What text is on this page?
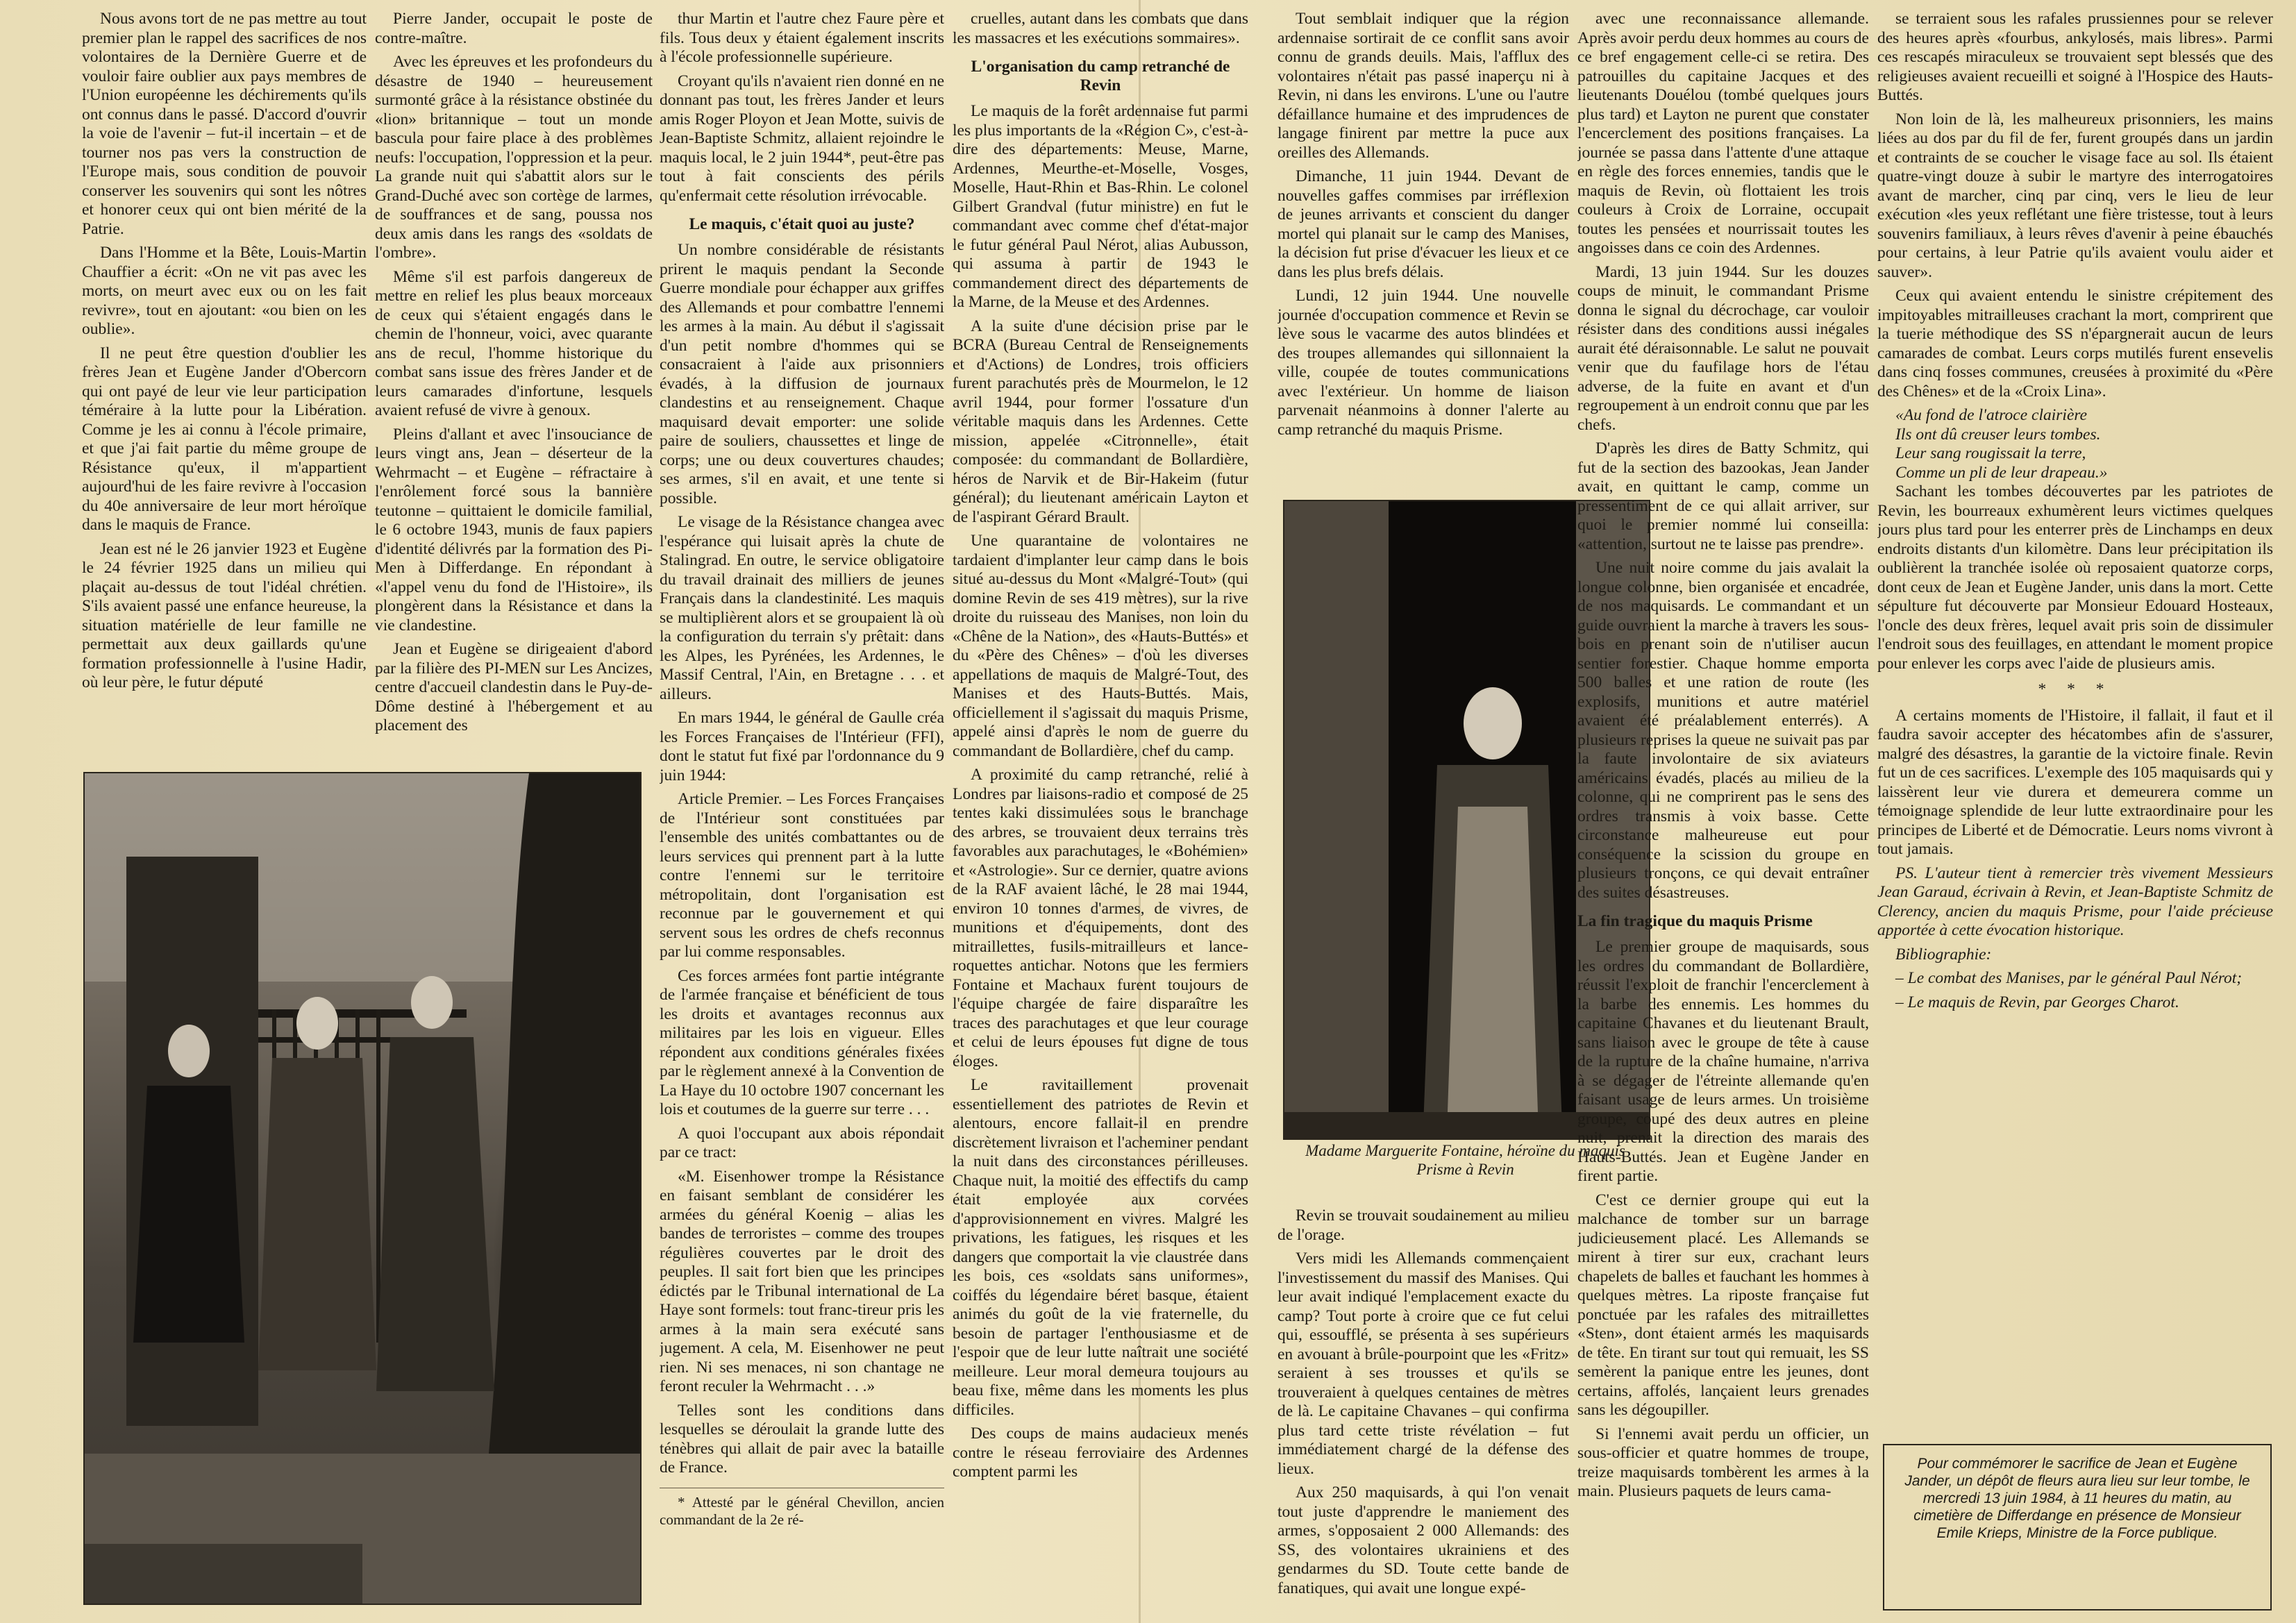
Nous avons tort de ne pas mettre au tout premier plan le rappel des sacrifices de nos volontaires de la Dernière Guerre et de vouloir faire oublier aux pays membres de l'Union européenne les déchirements qu'ils ont connus dans le passé. D'accord d'ouvrir la voie de l'avenir – fut-il incertain – et de tourner nos pas vers la construction de l'Europe mais, sous condition de pouvoir conserver les souvenirs qui sont les nôtres et honorer ceux qui ont bien mérité de la Patrie.

Dans l'Homme et la Bête, Louis-Martin Chauffier a écrit: «On ne vit pas avec les morts, on meurt avec eux ou on les fait revivre», tout en ajoutant: «ou bien on les oublie».

Il ne peut être question d'oublier les frères Jean et Eugène Jander d'Obercorn qui ont payé de leur vie leur participation téméraire à la lutte pour la Libération. Comme je les ai connu à l'école primaire, et que j'ai fait partie du même groupe de Résistance qu'eux, il m'appartient aujourd'hui de les faire revivre à l'occasion du 40e anniversaire de leur mort héroïque dans le maquis de France.

Jean est né le 26 janvier 1923 et Eugène le 24 février 1925 dans un milieu qui plaçait au-dessus de tout l'idéal chrétien. S'ils avaient passé une enfance heureuse, la situation matérielle de leur famille ne permettait aux deux gaillards qu'une formation professionnelle à l'usine Hadir, où leur père, le futur député

Pierre Jander, occupait le poste de contre-maître.

Avec les épreuves et les profondeurs du désastre de 1940 – heureusement surmonté grâce à la résistance obstinée du «lion» britannique – tout un monde bascula pour faire place à des problèmes neufs: l'occupation, l'oppression et la peur. La grande nuit qui s'abattit alors sur le Grand-Duché avec son cortège de larmes, de souffrances et de sang, poussa nos deux amis dans les rangs des «soldats de l'ombre».

Même s'il est parfois dangereux de mettre en relief les plus beaux morceaux de ceux qui s'étaient engagés dans le chemin de l'honneur, voici, avec quarante ans de recul, l'homme historique du combat sans issue des frères Jander et de leurs camarades d'infortune, lesquels avaient refusé de vivre à genoux.

Pleins d'allant et avec l'insouciance de leurs vingt ans, Jean – déserteur de la Wehrmacht – et Eugène – réfractaire à l'enrôlement forcé sous la bannière teutonne – quittaient le domicile familial, le 6 octobre 1943, munis de faux papiers d'identité délivrés par la formation des Pi-Men à Differdange. En répondant à «l'appel venu du fond de l'Histoire», ils plongèrent dans la Résistance et dans la vie clandestine.

Jean et Eugène se dirigeaient d'abord par la filière des PI-MEN sur Les Ancizes, centre d'accueil clandestin dans le Puy-de-Dôme destiné à l'hébergement et au placement des

thur Martin et l'autre chez Faure père et fils. Tous deux y étaient également inscrits à l'école professionnelle supérieure.

Croyant qu'ils n'avaient rien donné en ne donnant pas tout, les frères Jander et leurs amis Roger Ployon et Jean Motte, suivis de Jean-Baptiste Schmitz, allaient rejoindre le maquis local, le 2 juin 1944*, peut-être pas tout à fait conscients des périls qu'enfermait cette résolution irrévocable.

Le maquis, c'était quoi au juste?

Un nombre considérable de résistants prirent le maquis pendant la Seconde Guerre mondiale pour échapper aux griffes des Allemands et pour combattre l'ennemi les armes à la main. Au début il s'agissait d'un petit nombre d'hommes qui se consacraient à l'aide aux prisonniers évadés, à la diffusion de journaux clandestins et au renseignement. Chaque maquisard devait emporter: une solide paire de souliers, chaussettes et linge de corps; une ou deux couvertures chaudes; ses armes, s'il en avait, et une tente si possible.

Le visage de la Résistance changea avec l'espérance qui luisait après la chute de Stalingrad. En outre, le service obligatoire du travail drainait des milliers de jeunes Français dans la clandestinité. Les maquis se multiplièrent alors et se groupaient là où la configuration du terrain s'y prêtait: dans les Alpes, les Pyrénées, les Ardennes, le Massif Central, l'Ain, en Bretagne . . . et ailleurs.

En mars 1944, le général de Gaulle créa les Forces Françaises de l'Intérieur (FFI), dont le statut fut fixé par l'ordonnance du 9 juin 1944:

Article Premier. – Les Forces Françaises de l'Intérieur sont constituées par l'ensemble des unités combattantes ou de leurs services qui prennent part à la lutte contre l'ennemi sur le territoire métropolitain, dont l'organisation est reconnue par le gouvernement et qui servent sous les ordres de chefs reconnus par lui comme responsables.

Ces forces armées font partie intégrante de l'armée française et bénéficient de tous les droits et avantages reconnus aux militaires par les lois en vigueur. Elles répondent aux conditions générales fixées par le règlement annexé à la Convention de La Haye du 10 octobre 1907 concernant les lois et coutumes de la guerre sur terre . . .

A quoi l'occupant aux abois répondait par ce tract:

«M. Eisenhower trompe la Résistance en faisant semblant de considérer les armées du général Koenig – alias les bandes de terroristes – comme des troupes régulières couvertes par le droit des peuples. Il sait fort bien que les principes édictés par le Tribunal international de La Haye sont formels: tout franc-tireur pris les armes à la main sera exécuté sans jugement. A cela, M. Eisenhower ne peut rien. Ni ses menaces, ni son chantage ne feront reculer la Wehrmacht . . .»

Telles sont les conditions dans lesquelles se déroulait la grande lutte des ténèbres qui allait de pair avec la bataille de France.

* Attesté par le général Chevillon, ancien commandant de la 2e ré-

cruelles, autant dans les combats que dans les massacres et les exécutions sommaires».

L'organisation du camp retranché de Revin

Le maquis de la forêt ardennaise fut parmi les plus importants de la «Région C», c'est-à-dire des départements: Meuse, Marne, Ardennes, Meurthe-et-Moselle, Vosges, Moselle, Haut-Rhin et Bas-Rhin. Le colonel Gilbert Grandval (futur ministre) en fut le commandant avec comme chef d'état-major le futur général Paul Nérot, alias Aubusson, qui assuma à partir de 1943 le commandement direct des départements de la Marne, de la Meuse et des Ardennes.

A la suite d'une décision prise par le BCRA (Bureau Central de Renseignements et d'Actions) de Londres, trois officiers furent parachutés près de Mourmelon, le 12 avril 1944, pour former l'ossature d'un véritable maquis dans les Ardennes. Cette mission, appelée «Citronnelle», était composée: du commandant de Bollardière, héros de Narvik et de Bir-Hakeim (futur général); du lieutenant américain Layton et de l'aspirant Gérard Brault.

Une quarantaine de volontaires ne tardaient d'implanter leur camp dans le bois situé au-dessus du Mont «Malgré-Tout» (qui domine Revin de ses 419 mètres), sur la rive droite du ruisseau des Manises, non loin du «Chêne de la Nation», des «Hauts-Buttés» et du «Père des Chênes» – d'où les diverses appellations de maquis de Malgré-Tout, des Manises et des Hauts-Buttés. Mais, officiellement il s'agissait du maquis Prisme, appelé ainsi d'après le nom de guerre du commandant de Bollardière, chef du camp.

A proximité du camp retranché, relié à Londres par liaisons-radio et composé de 25 tentes kaki dissimulées sous le branchage des arbres, se trouvaient deux terrains très favorables aux parachutages, le «Bohémien» et «Astrologie». Sur ce dernier, quatre avions de la RAF avaient lâché, le 28 mai 1944, environ 10 tonnes d'armes, de vivres, de munitions et d'équipements, dont des mitraillettes, fusils-mitrailleurs et lance-roquettes antichar. Notons que les fermiers Fontaine et Machaux furent toujours de l'équipe chargée de faire disparaître les traces des parachutages et que leur courage et celui de leurs épouses fut digne de tous éloges.

Le ravitaillement provenait essentiellement des patriotes de Revin et alentours, encore fallait-il en prendre discrètement livraison et l'acheminer pendant la nuit dans des circonstances périlleuses. Chaque nuit, la moitié des effectifs du camp était employée aux corvées d'approvisionnement en vivres. Malgré les privations, les fatigues, les risques et les dangers que comportait la vie claustrée dans les bois, ces «soldats sans uniformes», coiffés du légendaire béret basque, étaient animés du goût de la vie fraternelle, du besoin de partager l'enthousiasme et de l'espoir que de leur lutte naîtrait une société meilleure. Leur moral demeura toujours au beau fixe, même dans les moments les plus difficiles.

Des coups de mains audacieux menés contre le réseau ferroviaire des Ardennes comptent parmi les

Tout semblait indiquer que la région ardennaise sortirait de ce conflit sans avoir connu de grands deuils. Mais, l'afflux des volontaires n'était pas passé inaperçu ni à Revin, ni dans les environs. L'une ou l'autre défaillance humaine et des imprudences de langage finirent par mettre la puce aux oreilles des Allemands.

Dimanche, 11 juin 1944. Devant de nouvelles gaffes commises par irréflexion de jeunes arrivants et conscient du danger mortel qui planait sur le camp des Manises, la décision fut prise d'évacuer les lieux et ce dans les plus brefs délais.

Lundi, 12 juin 1944. Une nouvelle journée d'occupation commence et Revin se lève sous le vacarme des autos blindées et des troupes allemandes qui sillonnaient la ville, coupée de toutes communications avec l'extérieur. Un homme de liaison parvenait néanmoins à donner l'alerte au camp retranché du maquis Prisme.

Madame Marguerite Fontaine, héroïne du maquis Prisme à Revin

Revin se trouvait soudainement au milieu de l'orage.

Vers midi les Allemands commençaient l'investissement du massif des Manises. Qui leur avait indiqué l'emplacement exacte du camp? Tout porte à croire que ce fut celui qui, essoufflé, se présenta à ses supérieurs en avouant à brûle-pourpoint que les «Fritz» seraient à ses trousses et qu'ils se trouveraient à quelques centaines de mètres de là. Le capitaine Chavanes – qui confirma plus tard cette triste révélation – fut immédiatement chargé de la défense des lieux.

Aux 250 maquisards, à qui l'on venait tout juste d'apprendre le maniement des armes, s'opposaient 2 000 Allemands: des SS, des volontaires ukrainiens et des gendarmes du SD. Toute cette bande de fanatiques, qui avait une longue expé-

avec une reconnaissance allemande. Après avoir perdu deux hommes au cours de ce bref engagement celle-ci se retira. Des patrouilles du capitaine Jacques et des lieutenants Douélou (tombé quelques jours plus tard) et Layton ne purent que constater l'encerclement des positions françaises. La journée se passa dans l'attente d'une attaque en règle des forces ennemies, tandis que le maquis de Revin, où flottaient les trois couleurs à Croix de Lorraine, occupait toutes les pensées et nourrissait toutes les angoisses dans ce coin des Ardennes.

Mardi, 13 juin 1944. Sur les douzes coups de minuit, le commandant Prisme donna le signal du décrochage, car vouloir résister dans des conditions aussi inégales aurait été déraisonnable. Le salut ne pouvait venir que du faufilage hors de l'étau adverse, de la fuite en avant et d'un regroupement à un endroit connu que par les chefs.

D'après les dires de Batty Schmitz, qui fut de la section des bazookas, Jean Jander avait, en quittant le camp, comme un pressentiment de ce qui allait arriver, sur quoi le premier nommé lui conseilla: «attention, surtout ne te laisse pas prendre».

Une nuit noire comme du jais avalait la longue colonne, bien organisée et encadrée, de nos maquisards. Le commandant et un guide ouvraient la marche à travers les sous-bois en prenant soin de n'utiliser aucun sentier forestier. Chaque homme emporta 500 balles et une ration de route (les explosifs, munitions et autre matériel avaient été préalablement enterrés). A plusieurs reprises la queue ne suivait pas par la faute involontaire de six aviateurs américains évadés, placés au milieu de la colonne, qui ne comprirent pas le sens des ordres transmis à voix basse. Cette circonstance malheureuse eut pour conséquence la scission du groupe en plusieurs tronçons, ce qui devait entraîner des suites désastreuses.

La fin tragique du maquis Prisme

Le premier groupe de maquisards, sous les ordres du commandant de Bollardière, réussit l'exploit de franchir l'encerclement à la barbe des ennemis. Les hommes du capitaine Chavanes et du lieutenant Brault, sans liaison avec le groupe de tête à cause de la rupture de la chaîne humaine, n'arriva à se dégager de l'étreinte allemande qu'en faisant usage de leurs armes. Un troisième groupe, coupé des deux autres en pleine nuit, prenait la direction des marais des Hauts-Buttés. Jean et Eugène Jander en firent partie.

C'est ce dernier groupe qui eut la malchance de tomber sur un barrage judicieusement placé. Les Allemands se mirent à tirer sur eux, crachant leurs chapelets de balles et fauchant les hommes à quelques mètres. La riposte française fut ponctuée par les rafales des mitraillettes «Sten», dont étaient armés les maquisards de tête. En tirant sur tout qui remuait, les SS semèrent la panique entre les jeunes, dont certains, affolés, lançaient leurs grenades sans les dégoupiller.

Si l'ennemi avait perdu un officier, un sous-officier et quatre hommes de troupe, treize maquisards tombèrent les armes à la main. Plusieurs paquets de leurs cama-

se terraient sous les rafales prussiennes pour se relever des heures après «fourbus, ankylosés, mais libres». Parmi ces rescapés miraculeux se trouvaient sept blessés que des religieuses avaient recueilli et soigné à l'Hospice des Hauts-Buttés.

Non loin de là, les malheureux prisonniers, les mains liées au dos par du fil de fer, furent groupés dans un jardin et contraints de se coucher le visage face au sol. Ils étaient quatre-vingt douze à subir le martyre des interrogatoires avant de marcher, cinq par cinq, vers le lieu de leur exécution «les yeux reflétant une fière tristesse, tout à leurs souvenirs familiaux, à leurs rêves d'avenir à peine ébauchés pour certains, à leur Patrie qu'ils avaient voulu aider et sauver».

Ceux qui avaient entendu le sinistre crépitement des impitoyables mitrailleuses crachant la mort, comprirent que la tuerie méthodique des SS n'épargnerait aucun de leurs camarades de combat. Leurs corps mutilés furent ensevelis dans cinq fosses communes, creusées à proximité du «Père des Chênes» et de la «Croix Lina».

«Au fond de l'atroce clairière

Ils ont dû creuser leurs tombes.

Leur sang rougissait la terre,

Comme un pli de leur drapeau.»

Sachant les tombes découvertes par les patriotes de Revin, les bourreaux exhumèrent leurs victimes quelques jours plus tard pour les enterrer près de Linchamps en deux endroits distants d'un kilomètre. Dans leur précipitation ils oublièrent la tranchée isolée où reposaient quatorze corps, dont ceux de Jean et Eugène Jander, unis dans la mort. Cette sépulture fut découverte par Monsieur Edouard Hosteaux, l'oncle des deux frères, lequel avait pris soin de dissimuler l'endroit sous des feuillages, en attendant le moment propice pour enlever les corps avec l'aide de plusieurs amis.

* * *

A certains moments de l'Histoire, il fallait, il faut et il faudra savoir accepter des hécatombes afin de s'assurer, malgré des désastres, la garantie de la victoire finale. Revin fut un de ces sacrifices. L'exemple des 105 maquisards qui y laissèrent leur vie durera et demeurera comme un témoignage splendide de leur lutte extraordinaire pour les principes de Liberté et de Démocratie. Leurs noms vivront à tout jamais.

PS. L'auteur tient à remercier très vivement Messieurs Jean Garaud, écrivain à Revin, et Jean-Baptiste Schmitz de Clerency, ancien du maquis Prisme, pour l'aide précieuse apportée à cette évocation historique.

Bibliographie:

– Le combat des Manises, par le général Paul Nérot;

– Le maquis de Revin, par Georges Charot.

Pour commémorer le sacrifice de Jean et Eugène Jander, un dépôt de fleurs aura lieu sur leur tombe, le mercredi 13 juin 1984, à 11 heures du matin, au cimetière de Differdange en présence de Monsieur Emile Krieps, Ministre de la Force publique.
